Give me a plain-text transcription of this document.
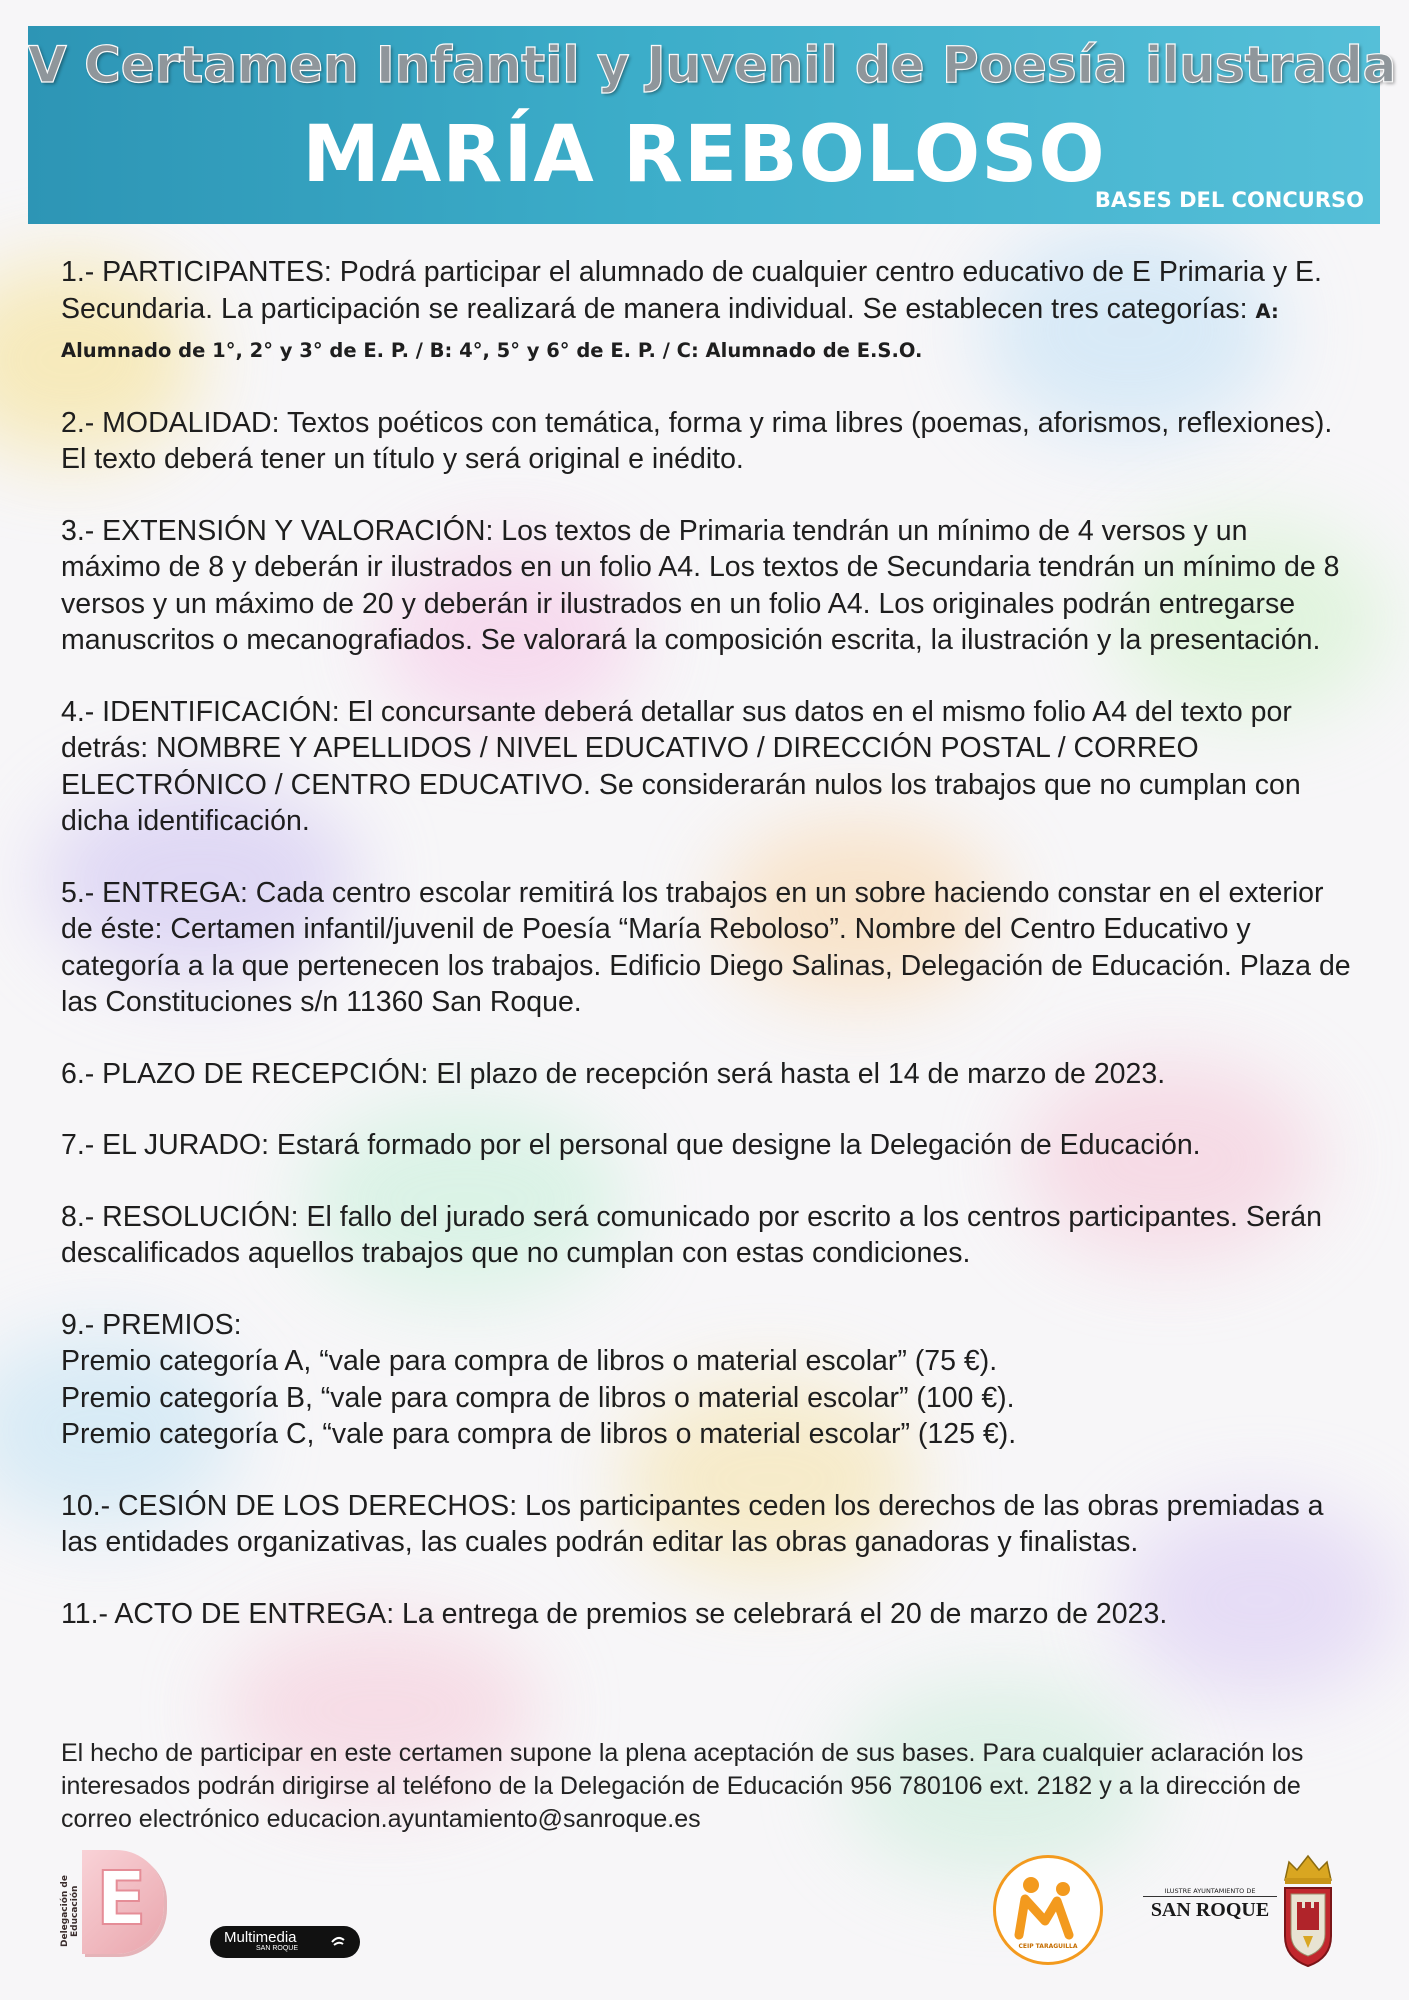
V Certamen Infantil y Juvenil de Poesía ilustrada
MARÍA REBOLOSO
BASES DEL CONCURSO

1.- PARTICIPANTES: Podrá participar el alumnado de cualquier centro educativo de E Primaria y E. Secundaria. La participación se realizará de manera individual. Se establecen tres categorías: A: Alumnado de 1°, 2° y 3° de E. P. / B: 4°, 5° y 6° de E. P. / C: Alumnado de E.S.O.

2.- MODALIDAD: Textos poéticos con temática, forma y rima libres (poemas, aforismos, reflexiones). El texto deberá tener un título y será original e inédito.

3.- EXTENSIÓN Y VALORACIÓN: Los textos de Primaria tendrán un mínimo de 4 versos y un máximo de 8 y deberán ir ilustrados en un folio A4. Los textos de Secundaria tendrán un mínimo de 8 versos y un máximo de 20 y deberán ir ilustrados en un folio A4. Los originales podrán entregarse manuscritos o mecanografiados. Se valorará la composición escrita, la ilustración y la presentación.

4.- IDENTIFICACIÓN: El concursante deberá detallar sus datos en el mismo folio A4 del texto por detrás: NOMBRE Y APELLIDOS / NIVEL EDUCATIVO / DIRECCIÓN POSTAL / CORREO ELECTRÓNICO / CENTRO EDUCATIVO. Se considerarán nulos los trabajos que no cumplan con dicha identificación.

5.- ENTREGA: Cada centro escolar remitirá los trabajos en un sobre haciendo constar en el exterior de éste: Certamen infantil/juvenil de Poesía “María Reboloso”. Nombre del Centro Educativo y categoría a la que pertenecen los trabajos. Edificio Diego Salinas, Delegación de Educación. Plaza de las Constituciones s/n 11360 San Roque.

6.- PLAZO DE RECEPCIÓN: El plazo de recepción será hasta el 14 de marzo de 2023.

7.- EL JURADO: Estará formado por el personal que designe la Delegación de Educación.

8.- RESOLUCIÓN: El fallo del jurado será comunicado por escrito a los centros participantes. Serán descalificados aquellos trabajos que no cumplan con estas condiciones.

9.- PREMIOS:
Premio categoría A, “vale para compra de libros o material escolar” (75 €).
Premio categoría B, “vale para compra de libros o material escolar” (100 €).
Premio categoría C, “vale para compra de libros o material escolar” (125 €).

10.- CESIÓN DE LOS DERECHOS: Los participantes ceden los derechos de las obras premiadas a las entidades organizativas, las cuales podrán editar las obras ganadoras y finalistas.

11.- ACTO DE ENTREGA: La entrega de premios se celebrará el 20 de marzo de 2023.

El hecho de participar en este certamen supone la plena aceptación de sus bases. Para cualquier aclaración los interesados podrán dirigirse al teléfono de la Delegación de Educación 956 780106 ext. 2182 y a la dirección de correo electrónico educacion.ayuntamiento@sanroque.es
Delegación de Educación E	Multimedia
SAN ROQUE	CEIP TARAGUILLA
ILUSTRE AYUNTAMIENTO DE
SAN ROQUE
